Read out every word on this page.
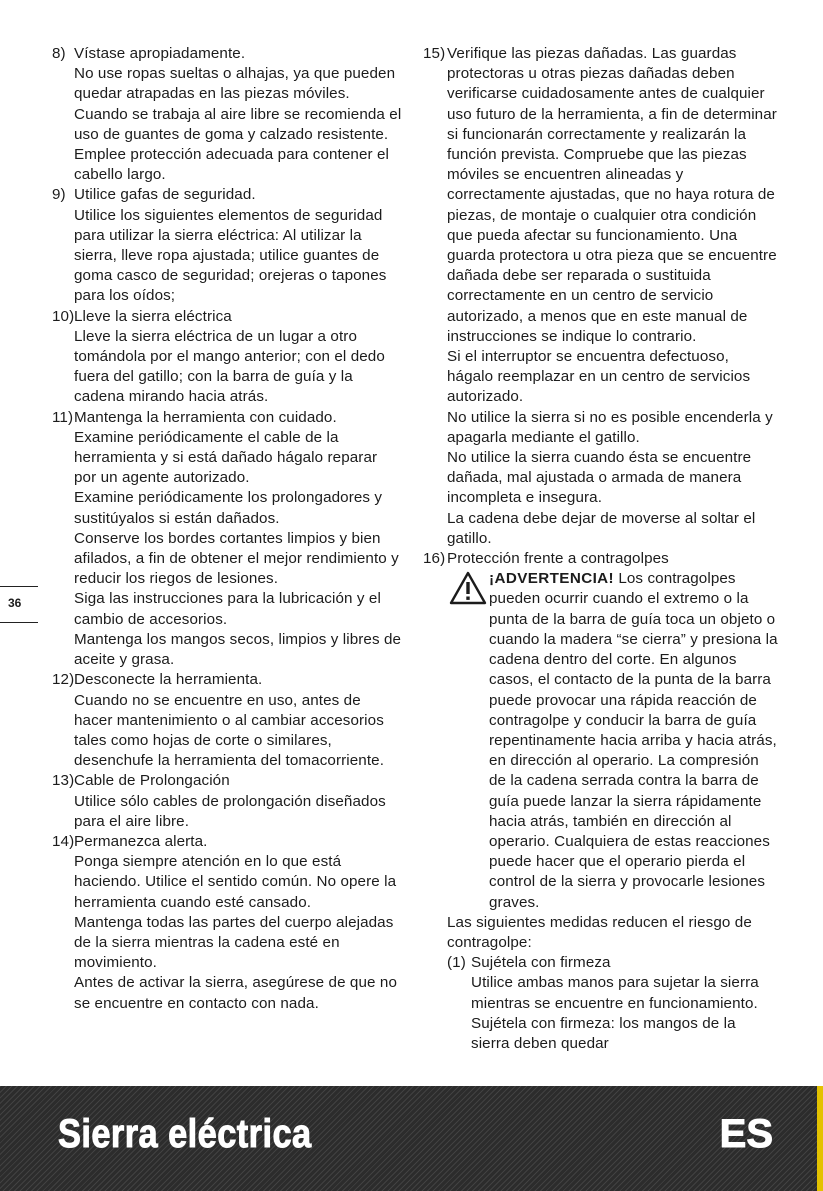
8) Vístase apropiadamente.
No use ropas sueltas o alhajas, ya que pueden quedar atrapadas en las piezas móviles. Cuando se trabaja al aire libre se recomienda el uso de guantes de goma y calzado resistente. Emplee protección adecuada para contener el cabello largo.
9) Utilice gafas de seguridad.
Utilice los siguientes elementos de seguridad para utilizar la sierra eléctrica: Al utilizar la sierra, lleve ropa ajustada; utilice guantes de goma casco de seguridad; orejeras o tapones para los oídos;
10) Lleve la sierra eléctrica
Lleve la sierra eléctrica de un lugar a otro tomándola por el mango anterior; con el dedo fuera del gatillo; con la barra de guía y la cadena mirando hacia atrás.
11) Mantenga la herramienta con cuidado.
Examine periódicamente el cable de la herramienta y si está dañado hágalo reparar por un agente autorizado.
Examine periódicamente los prolongadores y sustitúyalos si están dañados.
Conserve los bordes cortantes limpios y bien afilados, a fin de obtener el mejor rendimiento y reducir los riegos de lesiones.
Siga las instrucciones para la lubricación y el cambio de accesorios.
Mantenga los mangos secos, limpios y libres de aceite y grasa.
12) Desconecte la herramienta.
Cuando no se encuentre en uso, antes de hacer mantenimiento o al cambiar accesorios tales como hojas de corte o similares, desenchufe la herramienta del tomacorriente.
13) Cable de Prolongación
Utilice sólo cables de prolongación diseñados para el aire libre.
14) Permanezca alerta.
Ponga siempre atención en lo que está haciendo. Utilice el sentido común. No opere la herramienta cuando esté cansado.
Mantenga todas las partes del cuerpo alejadas de la sierra mientras la cadena esté en movimiento.
Antes de activar la sierra, asegúrese de que no se encuentre en contacto con nada.
15) Verifique las piezas dañadas. Las guardas protectoras u otras piezas dañadas deben verificarse cuidadosamente antes de cualquier uso futuro de la herramienta, a fin de determinar si funcionarán correctamente y realizarán la función prevista. Compruebe que las piezas móviles se encuentren alineadas y correctamente ajustadas, que no haya rotura de piezas, de montaje o cualquier otra condición que pueda afectar su funcionamiento. Una guarda protectora u otra pieza que se encuentre dañada debe ser reparada o sustituida correctamente en un centro de servicio autorizado, a menos que en este manual de instrucciones se indique lo contrario.
Si el interruptor se encuentra defectuoso, hágalo reemplazar en un centro de servicios autorizado.
No utilice la sierra si no es posible encenderla y apagarla mediante el gatillo.
No utilice la sierra cuando ésta se encuentre dañada, mal ajustada o armada de manera incompleta e insegura.
La cadena debe dejar de moverse al soltar el gatillo.
16) Protección frente a contragolpes
¡ADVERTENCIA! Los contragolpes
pueden ocurrir cuando el extremo o la punta de la barra de guía toca un objeto o cuando la madera “se cierra” y presiona la cadena dentro del corte. En algunos casos, el contacto de la punta de la barra puede provocar una rápida reacción de contragolpe y conducir la barra de guía repentinamente hacia arriba y hacia atrás, en dirección al operario. La compresión de la cadena serrada contra la barra de guía puede lanzar la sierra rápidamente hacia atrás, también en dirección al operario. Cualquiera de estas reacciones puede hacer que el operario pierda el control de la sierra y provocarle lesiones graves.
Las siguientes medidas reducen el riesgo de contragolpe:
(1) Sujétela con firmeza
Utilice ambas manos para sujetar la sierra mientras se encuentre en funcionamiento. Sujétela con firmeza: los mangos de la sierra deben quedar
36
Sierra eléctrica	ES
